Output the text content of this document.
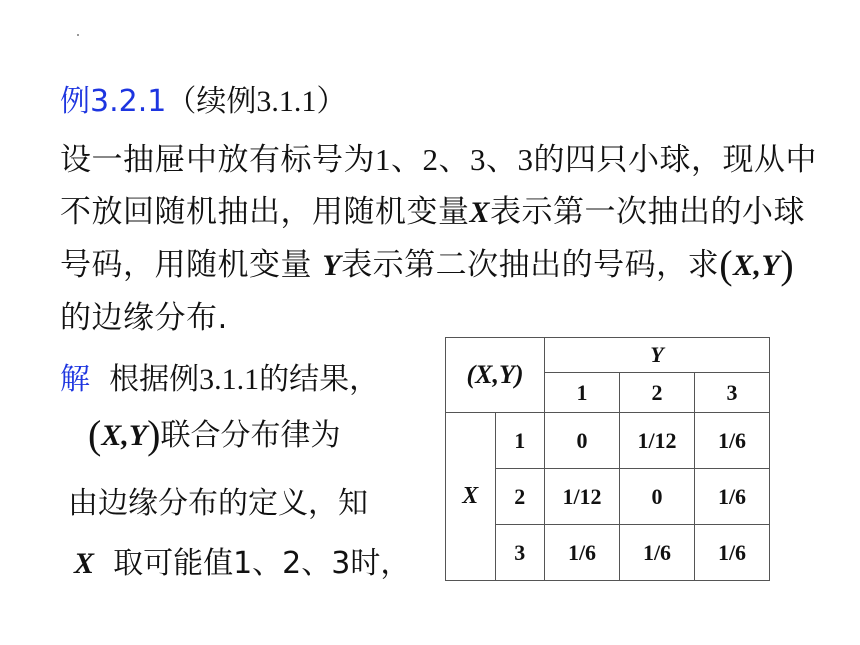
例3.2.1（续例3.1.1）
设一抽屉中放有标号为1、2、3、3的四只小球，现从中不放回随机抽出，用随机变量X表示第一次抽出的小球号码，用随机变量 Y表示第二次抽出的号码，求(X,Y)的边缘分布.
解 根据例3.1.1的结果，
(X,Y)联合分布律为
由边缘分布的定义，知
X 取可能值1、2、3时，
(X,Y)		Y		
		1	2	3
X	1	0	1/12	1/6
	2	1/12	0	1/6
	3	1/6	1/6	1/6
